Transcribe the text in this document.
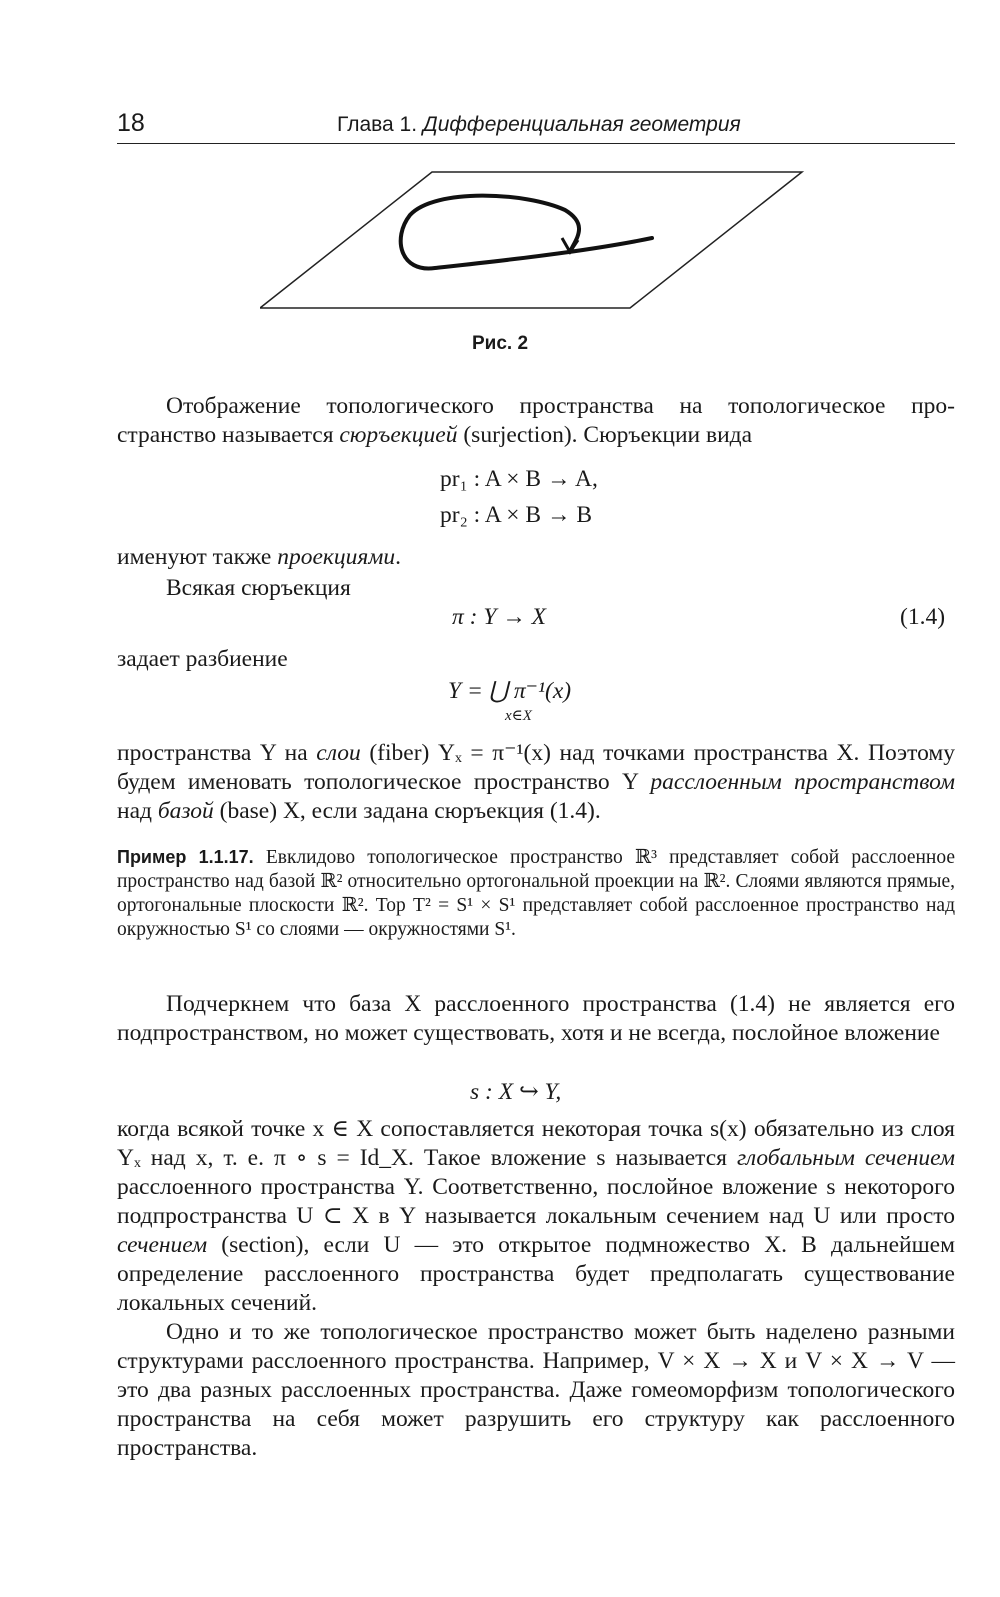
18	Глава 1. Дифференциальная геометрия
Рис. 2

Отображение топологического пространства на топологическое про-странство называется сюръекцией (surjection). Сюръекции вида

pr₁ : A × B → A,
pr₂ : A × B → B

именуют также проекциями.

Всякая сюръекция

π : Y → X	(1.4)

задает разбиение

Y = ⋃ π⁻¹(x)
x∈X

пространства Y на слои (fiber) Yₓ = π⁻¹(x) над точками пространства X. Поэтому будем именовать топологическое пространство Y расслоенным пространством над базой (base) X, если задана сюръекция (1.4).

Пример 1.1.17. Евклидово топологическое пространство ℝ³ представляет собой расслоенное пространство над базой ℝ² относительно ортогональной проекции на ℝ². Слоями являются прямые, ортогональные плоскости ℝ². Тор T² = S¹ × S¹ представляет собой расслоенное пространство над окружностью S¹ со слоями — окружностями S¹.

Подчеркнем что база X расслоенного пространства (1.4) не является его подпространством, но может существовать, хотя и не всегда, послойное вложение

s : X ↪ Y,

когда всякой точке x ∈ X сопоставляется некоторая точка s(x) обязательно из слоя Yₓ над x, т. е. π ∘ s = Id_X. Такое вложение s называется глобальным сечением расслоенного пространства Y. Соответственно, послойное вложение s некоторого подпространства U ⊂ X в Y называется локальным сечением над U или просто сечением (section), если U — это открытое подмножество X. В дальнейшем определение расслоенного пространства будет предполагать существование локальных сечений.

Одно и то же топологическое пространство может быть наделено разными структурами расслоенного пространства. Например, V × X → X и V × X → V — это два разных расслоенных пространства. Даже гомеоморфизм топологического пространства на себя может разрушить его структуру как расслоенного пространства.
